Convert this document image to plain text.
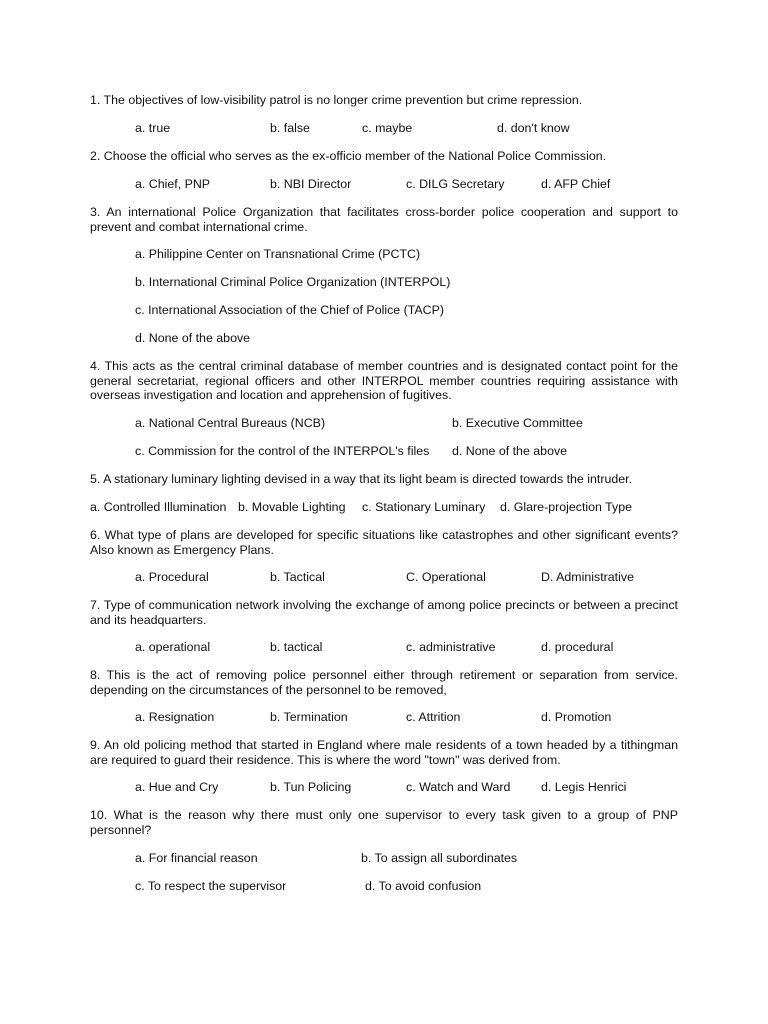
1. The objectives of low-visibility patrol is no longer crime prevention but crime repression.

a. true	b. false	c. maybe	d. don't know

2. Choose the official who serves as the ex-officio member of the National Police Commission.

a. Chief, PNP	b. NBI Director	c. DILG Secretary	d. AFP Chief

3. An international Police Organization that facilitates cross-border police cooperation and support to prevent and combat international crime.

a. Philippine Center on Transnational Crime (PCTC)
b. International Criminal Police Organization (INTERPOL)
c. International Association of the Chief of Police (TACP)
d. None of the above

4. This acts as the central criminal database of member countries and is designated contact point for the general secretariat, regional officers and other INTERPOL member countries requiring assistance with overseas investigation and location and apprehension of fugitives.

a. National Central Bureaus (NCB)	b. Executive Committee
c. Commission for the control of the INTERPOL's files d. None of the above

5. A stationary luminary lighting devised in a way that its light beam is directed towards the intruder.

a. Controlled Illumination b. Movable Lighting c. Stationary Luminary d. Glare-projection Type

6. What type of plans are developed for specific situations like catastrophes and other significant events? Also known as Emergency Plans.

a. Procedural	b. Tactical	C. Operational	D. Administrative

7. Type of communication network involving the exchange of among police precincts or between a precinct and its headquarters.

a. operational	b. tactical	c. administrative	d. procedural

8. This is the act of removing police personnel either through retirement or separation from service. depending on the circumstances of the personnel to be removed,

a. Resignation	b. Termination	c. Attrition	d. Promotion

9. An old policing method that started in England where male residents of a town headed by a tithingman are required to guard their residence. This is where the word "town" was derived from.

a. Hue and Cry	b. Tun Policing	c. Watch and Ward d. Legis Henrici

10. What is the reason why there must only one supervisor to every task given to a group of PNP personnel?

a. For financial reason	b. To assign all subordinates
c. To respect the supervisor	d. To avoid confusion
